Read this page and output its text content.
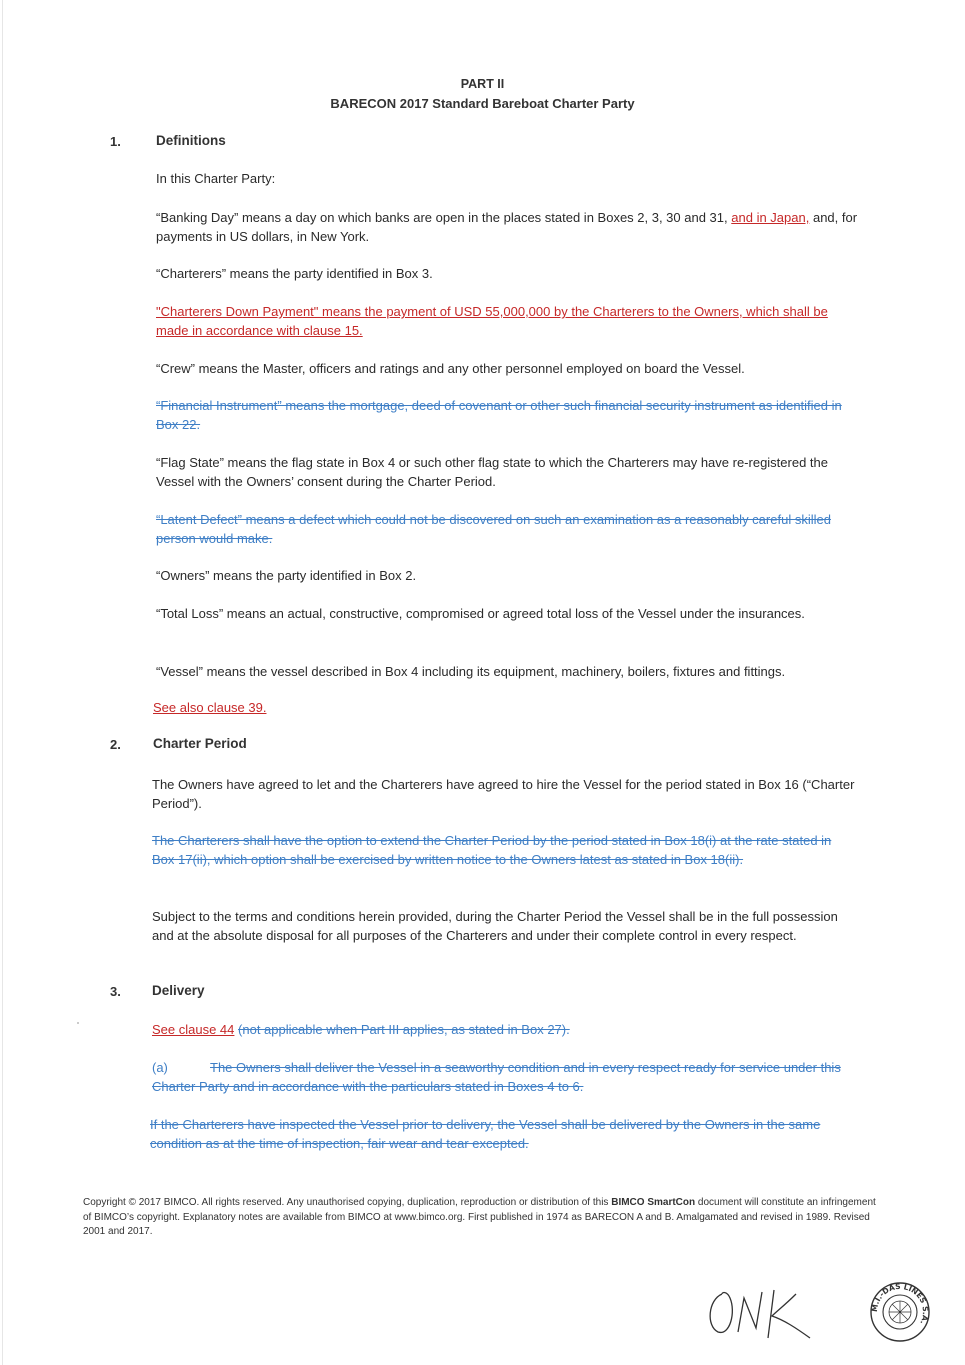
PART II
BARECON 2017 Standard Bareboat Charter Party
1.	Definitions
In this Charter Party:
“Banking Day” means a day on which banks are open in the places stated in Boxes 2, 3, 30 and 31, and in Japan, and, for payments in US dollars, in New York.
“Charterers” means the party identified in Box 3.
"Charterers Down Payment" means the payment of USD 55,000,000 by the Charterers to the Owners, which shall be made in accordance with clause 15.
“Crew” means the Master, officers and ratings and any other personnel employed on board the Vessel.
“Financial Instrument” means the mortgage, deed of covenant or other such financial security instrument as identified in Box 22.
“Flag State” means the flag state in Box 4 or such other flag state to which the Charterers may have re-registered the Vessel with the Owners’ consent during the Charter Period.
“Latent Defect” means a defect which could not be discovered on such an examination as a reasonably careful skilled person would make.
“Owners” means the party identified in Box 2.
“Total Loss” means an actual, constructive, compromised or agreed total loss of the Vessel under the insurances.
“Vessel” means the vessel described in Box 4 including its equipment, machinery, boilers, fixtures and fittings.
See also clause 39.
2. Charter Period
The Owners have agreed to let and the Charterers have agreed to hire the Vessel for the period stated in Box 16 (“Charter Period”).
The Charterers shall have the option to extend the Charter Period by the period stated in Box 18(i) at the rate stated in Box 17(ii), which option shall be exercised by written notice to the Owners latest as stated in Box 18(ii).
Subject to the terms and conditions herein provided, during the Charter Period the Vessel shall be in the full possession and at the absolute disposal for all purposes of the Charterers and under their complete control in every respect.
3. Delivery
See clause 44 (not applicable when Part III applies, as stated in Box 27).
(a)	The Owners shall deliver the Vessel in a seaworthy condition and in every respect ready for service under this Charter Party and in accordance with the particulars stated in Boxes 4 to 6.
If the Charterers have inspected the Vessel prior to delivery, the Vessel shall be delivered by the Owners in the same condition as at the time of inspection, fair wear and tear excepted.
Copyright © 2017 BIMCO. All rights reserved. Any unauthorised copying, duplication, reproduction or distribution of this BIMCO SmartCon document will constitute an infringement of BIMCO’s copyright. Explanatory notes are available from BIMCO at www.bimco.org. First published in 1974 as BARECON A and B. Amalgamated and revised in 1989. Revised 2001 and 2017.
M.I.-DAS LINES S.A.
